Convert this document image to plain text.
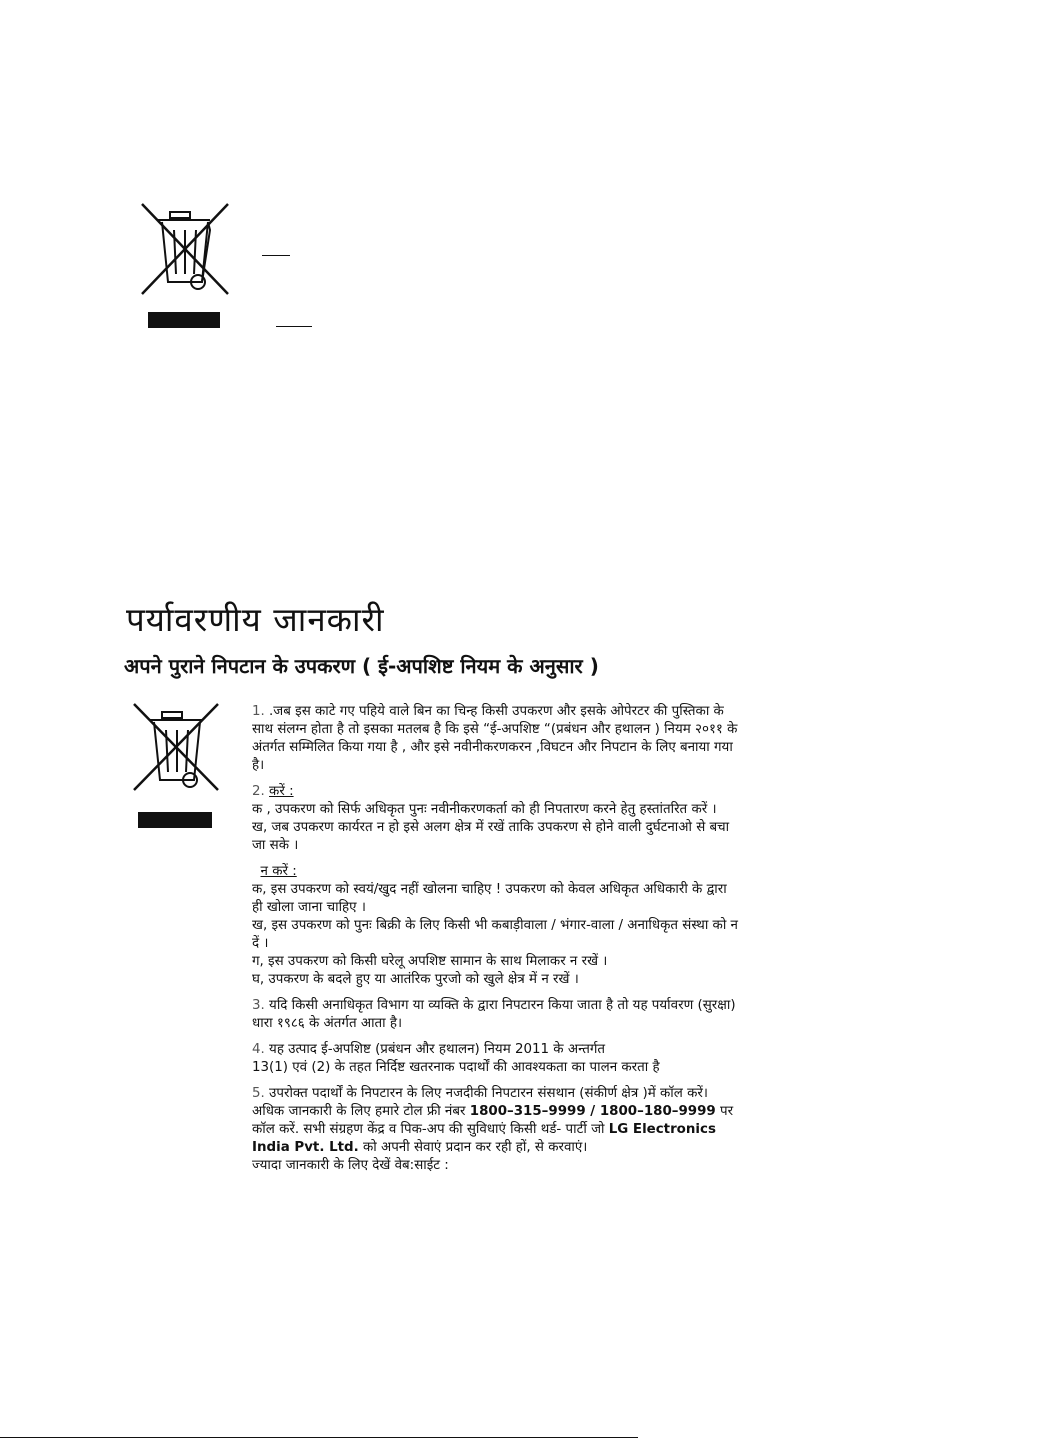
पर्यावरणीय जानकारी
अपने पुराने निपटान के उपकरण ( ई-अपशिष्ट नियम के अनुसार )

1. .जब इस काटे गए पहिये वाले बिन का चिन्ह किसी उपकरण और इसके ओपेरटर की पुस्तिका के साथ संलग्न होता है तो इसका मतलब है कि इसे “ई-अपशिष्ट “(प्रबंधन और हथालन ) नियम २०११ के अंतर्गत सम्मिलित किया गया है , और इसे नवीनीकरणकरन ,विघटन और निपटान के लिए बनाया गया है।

2. करें :

क , उपकरण को सिर्फ अधिकृत पुनः नवीनीकरणकर्ता को ही निपतारण करने हेतु हस्तांतरित करें ।

ख, जब उपकरण कार्यरत न हो इसे अलग क्षेत्र में रखें ताकि उपकरण से होने वाली दुर्घटनाओ से बचा जा सके ।

न करें :

क, इस उपकरण को स्वयं/खुद नहीं खोलना चाहिए ! उपकरण को केवल अधिकृत अधिकारी के द्वारा ही खोला जाना चाहिए ।

ख, इस उपकरण को पुनः बिक्री के लिए किसी भी कबाड़ीवाला / भंगार-वाला / अनाधिकृत संस्था को न दें ।

ग, इस उपकरण को किसी घरेलू अपशिष्ट सामान के साथ मिलाकर न रखें ।

घ, उपकरण के बदले हुए या आतंरिक पुरजो को खुले क्षेत्र में न रखें ।

3. यदि किसी अनाधिकृत विभाग या व्यक्ति के द्वारा निपटारन किया जाता है तो यह पर्यावरण (सुरक्षा) धारा १९८६ के अंतर्गत आता है।

4. यह उत्पाद ई-अपशिष्ट (प्रबंधन और हथालन) नियम 2011 के अन्तर्गत

13(1) एवं (2) के तहत निर्दिष्ट खतरनाक पदार्थों की आवश्यकता का पालन करता है

5. उपरोक्त पदार्थों के निपटारन के लिए नजदीकी निपटारन संसथान (संकीर्ण क्षेत्र )में कॉल करें। अधिक जानकारी के लिए हमारे टोल फ्री नंबर 1800–315–9999 / 1800–180–9999 पर कॉल करें. सभी संग्रहण केंद्र व पिक-अप की सुविधाएं किसी थर्ड- पार्टी जो LG Electronics India Pvt. Ltd. को अपनी सेवाएं प्रदान कर रही हों, से करवाएं।

ज्यादा जानकारी के लिए देखें वेब:साईट :
